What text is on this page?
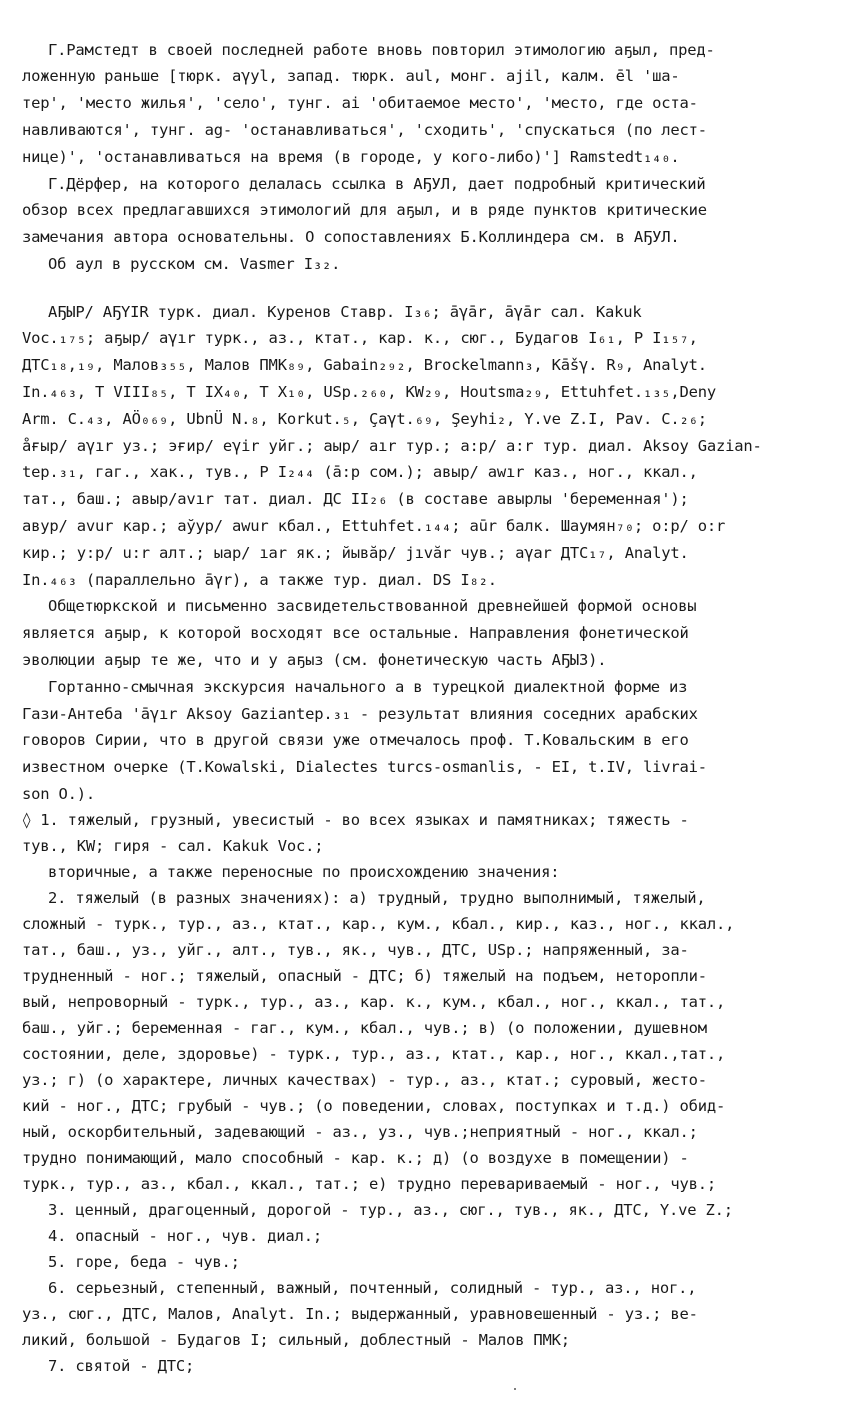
Г.Рамстедт в своей последней работе вновь повторил этимологию аҕыл, пред-

ложенную раньше [тюрк. aγyl, запад. тюрк. aul, монг. ajil, калм. ēl 'ша-

тер', 'место жилья', 'село', тунг. ai 'обитаемое место', 'место, где оста-

навливаются', тунг. ag- 'останавливаться', 'сходить', 'спускаться (по лест-

нице)', 'останавливаться на время (в городе, у кого-либо)'] Ramstedt₁₄₀.

Г.Дёрфер, на которого делалась ссылка в АҔУЛ, дает подробный критический

обзор всех предлагавшихся этимологий для аҕыл, и в ряде пунктов критические

замечания автора основательны. О сопоставлениях Б.Коллиндера см. в АҔУЛ.

Об аул в русском см. Vasmer I₃₂.

АҔЫР/ АҔYIR турк. диал. Куренов Ставр. I₃₆; āγār, āγār сал. Kakuk

Voc.₁₇₅; аҕыр/ aγır турк., аз., ктат., кар. к., сюг., Будагов I₆₁, Р I₁₅₇,

ДТС₁₈,₁₉, Малов₃₅₅, Малов ПМК₈₉, Gabain₂₉₂, Brockelmann₃, Kāšγ. R₉, Analyt.

In.₄₆₃, T VIII₈₅, T IX₄₀, T X₁₀, USp.₂₆₀, KW₂₉, Houtsma₂₉, Ettuhfet.₁₃₅,Deny

Arm. C.₄₃, AÖ₀₆₉, UbnÜ N.₈, Korkut.₅, Çaγt.₆₉, Şeyhi₂, Y.ve Z.I, Pav. C.₂₆;

åғыр/ aγır уз.; эғир/ eγir уйг.; аыр/ aır тур.; а:р/ a:r тур. диал. Aksoy Gazian-

tep.₃₁, гаг., хак., тув., Р I₂₄₄ (ā:р сом.); авыр/ awır каз., ног., ккал.,

тат., баш.; авыр/avır тат. диал. ДС II₂₆ (в составе авырлы 'беременная');

авур/ avur кар.; аўур/ awur кбал., Ettuhfet.₁₄₄; aūr балк. Шаумян₇₀; о:р/ o:r

кир.; у:р/ u:r алт.; ыар/ ıar як.; йывăр/ jıvăr чув.; aγar ДТС₁₇, Analyt.

In.₄₆₃ (параллельно āγr), а также тур. диал. DS I₈₂.

Общетюркской и письменно засвидетельствованной древнейшей формой основы

является аҕыр, к которой восходят все остальные. Направления фонетической

эволюции аҕыр те же, что и у аҕыз (см. фонетическую часть АҔЫЗ).

Гортанно-смычная экскурсия начального а в турецкой диалектной форме из

Гази-Антеба 'āγır Aksoy Gaziantep.₃₁ - результат влияния соседних арабских

говоров Сирии, что в другой связи уже отмечалось проф. Т.Ковальским в его

известном очерке (T.Kowalski, Dialectes turcs-osmanlis, - EI, t.IV, livrai-

son O.).

◊ 1. тяжелый, грузный, увесистый - во всех языках и памятниках; тяжесть -

тув., KW; гиря - сал. Kakuk Voc.;

вторичные, а также переносные по происхождению значения:

2. тяжелый (в разных значениях): а) трудный, трудно выполнимый, тяжелый,

сложный - турк., тур., аз., ктат., кар., кум., кбал., кир., каз., ног., ккал.,

тат., баш., уз., уйг., алт., тув., як., чув., ДТС, USp.; напряженный, за-

трудненный - ног.; тяжелый, опасный - ДТС; б) тяжелый на подъем, неторопли-

вый, непроворный - турк., тур., аз., кар. к., кум., кбал., ног., ккал., тат.,

баш., уйг.; беременная - гаг., кум., кбал., чув.; в) (о положении, душевном

состоянии, деле, здоровье) - турк., тур., аз., ктат., кар., ног., ккал.,тат.,

уз.; г) (о характере, личных качествах) - тур., аз., ктат.; суровый, жесто-

кий - ног., ДТС; грубый - чув.; (о поведении, словах, поступках и т.д.) обид-

ный, оскорбительный, задевающий - аз., уз., чув.;неприятный - ног., ккал.;

трудно понимающий, мало способный - кар. к.; д) (о воздухе в помещении) -

турк., тур., аз., кбал., ккал., тат.; е) трудно перевариваемый - ног., чув.;

3. ценный, драгоценный, дорогой - тур., аз., сюг., тув., як., ДТС, Y.ve Z.;

4. опасный - ног., чув. диал.;

5. горе, беда - чув.;

6. серьезный, степенный, важный, почтенный, солидный - тур., аз., ног.,

уз., сюг., ДТС, Малов, Analyt. In.; выдержанный, уравновешенный - уз.; ве-

ликий, большой - Будагов I; сильный, доблестный - Малов ПМК;

7. святой - ДТС;
